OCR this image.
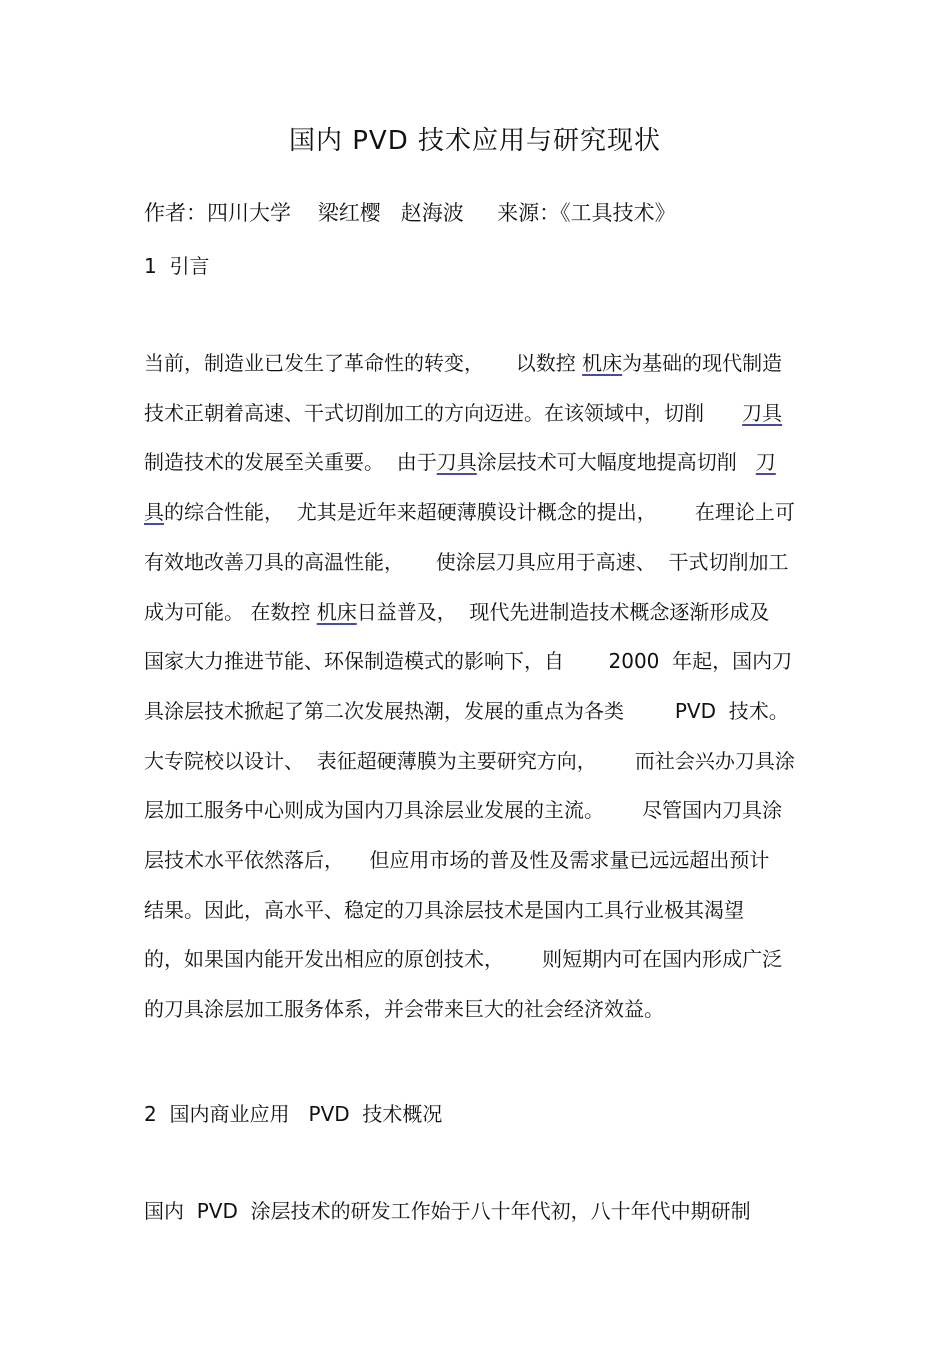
国内 PVD 技术应用与研究现状
作者：四川大学    梁红樱   赵海波     来源：《工具技术》
1  引言
当前，制造业已发生了革命性的转变，     以数控 机床为基础的现代制造
技术正朝着高速、干式切削加工的方向迈进。在该领域中，切削      刀具
制造技术的发展至关重要。  由于刀具涂层技术可大幅度地提高切削   刀
具的综合性能，  尤其是近年来超硬薄膜设计概念的提出，      在理论上可
有效地改善刀具的高温性能，     使涂层刀具应用于高速、  干式切削加工
成为可能。 在数控 机床日益普及，  现代先进制造技术概念逐渐形成及
国家大力推进节能、环保制造模式的影响下，自       2000  年起，国内刀
具涂层技术掀起了第二次发展热潮，发展的重点为各类        PVD  技术。
大专院校以设计、  表征超硬薄膜为主要研究方向，      而社会兴办刀具涂
层加工服务中心则成为国内刀具涂层业发展的主流。      尽管国内刀具涂
层技术水平依然落后，    但应用市场的普及性及需求量已远远超出预计
结果。因此，高水平、稳定的刀具涂层技术是国内工具行业极其渴望
的，如果国内能开发出相应的原创技术，      则短期内可在国内形成广泛
的刀具涂层加工服务体系，并会带来巨大的社会经济效益。
2  国内商业应用   PVD  技术概况
国内  PVD  涂层技术的研发工作始于八十年代初，八十年代中期研制
